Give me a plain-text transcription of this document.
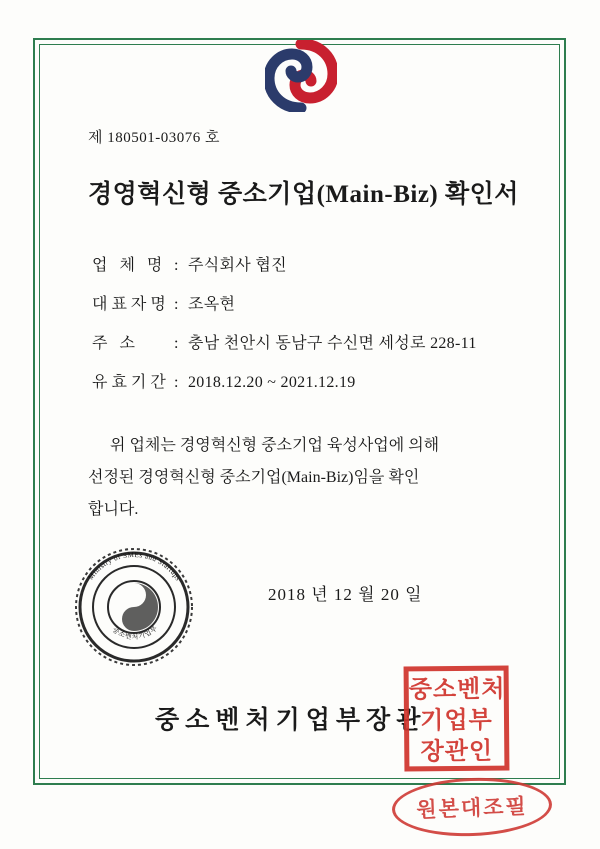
제 180501-03076 호
경영혁신형 중소기업(Main-Biz) 확인서
업 체 명 : 주식회사 협진
대표자명 : 조옥현
주 소	: 충남 천안시 동남구 수신면 세성로 228-11
유효기간 : 2018.12.20 ~ 2021.12.19

위 업체는 경영혁신형 중소기업 육성사업에 의해

선정된 경영혁신형 중소기업(Main-Biz)임을 확인

합니다.

2018 년 12 월 20 일
중소벤처기업부장관
Ministry of SMEs and Startups
중소벤처기업부
중소벤처
기업부
장관인
원본대조필
